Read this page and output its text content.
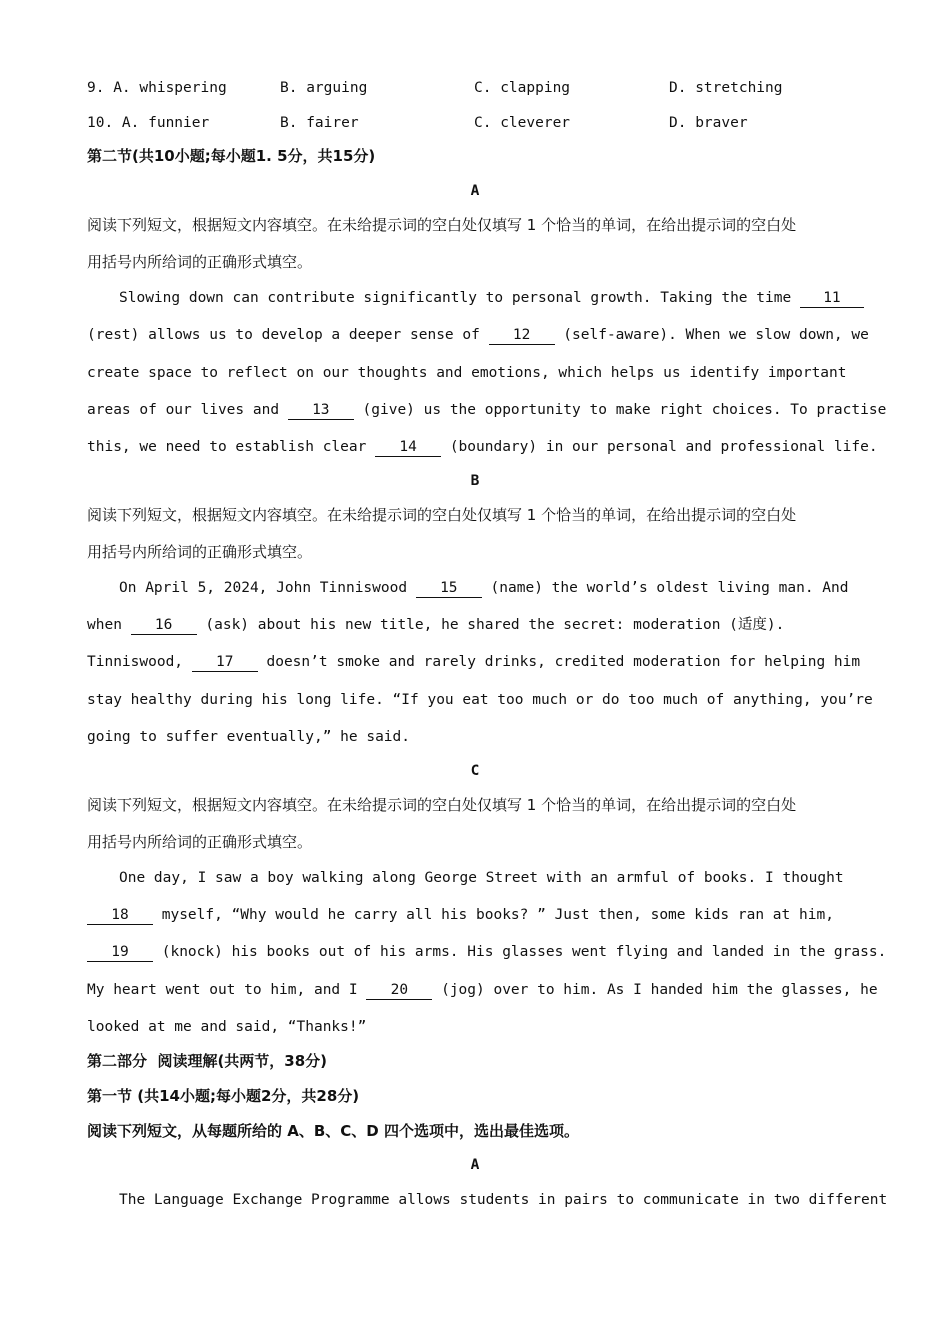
9. A. whispering	B. arguing	C. clapping	D. stretching
10. A. funnier	B. fairer	C. cleverer	D. braver
第二节(共10小题;每小题1. 5分，共15分)
A
阅读下列短文，根据短文内容填空。在未给提示词的空白处仅填写 1 个恰当的单词，在给出提示词的空白处
用括号内所给词的正确形式填空。
Slowing down can contribute significantly to personal growth. Taking the time 11
(rest) allows us to develop a deeper sense of 12 (self-aware). When we slow down, we
create space to reflect on our thoughts and emotions, which helps us identify important
areas of our lives and 13 (give) us the opportunity to make right choices. To practise
this, we need to establish clear 14 (boundary) in our personal and professional life.
B
阅读下列短文，根据短文内容填空。在未给提示词的空白处仅填写 1 个恰当的单词，在给出提示词的空白处
用括号内所给词的正确形式填空。
On April 5, 2024, John Tinniswood 15 (name) the world’s oldest living man. And
when 16 (ask) about his new title, he shared the secret: moderation (适度).
Tinniswood, 17 doesn’t smoke and rarely drinks, credited moderation for helping him
stay healthy during his long life. “If you eat too much or do too much of anything, you’re
going to suffer eventually,” he said.
C
阅读下列短文，根据短文内容填空。在未给提示词的空白处仅填写 1 个恰当的单词，在给出提示词的空白处
用括号内所给词的正确形式填空。
One day, I saw a boy walking along George Street with an armful of books. I thought
18 myself, “Why would he carry all his books? ” Just then, some kids ran at him,
19 (knock) his books out of his arms. His glasses went flying and landed in the grass.
My heart went out to him, and I 20 (jog) over to him. As I handed him the glasses, he
looked at me and said, “Thanks!”
第二部分  阅读理解(共两节，38分)
第一节 (共14小题;每小题2分，共28分)
阅读下列短文，从每题所给的 A、B、C、D 四个选项中，选出最佳选项。
A
The Language Exchange Programme allows students in pairs to communicate in two different
